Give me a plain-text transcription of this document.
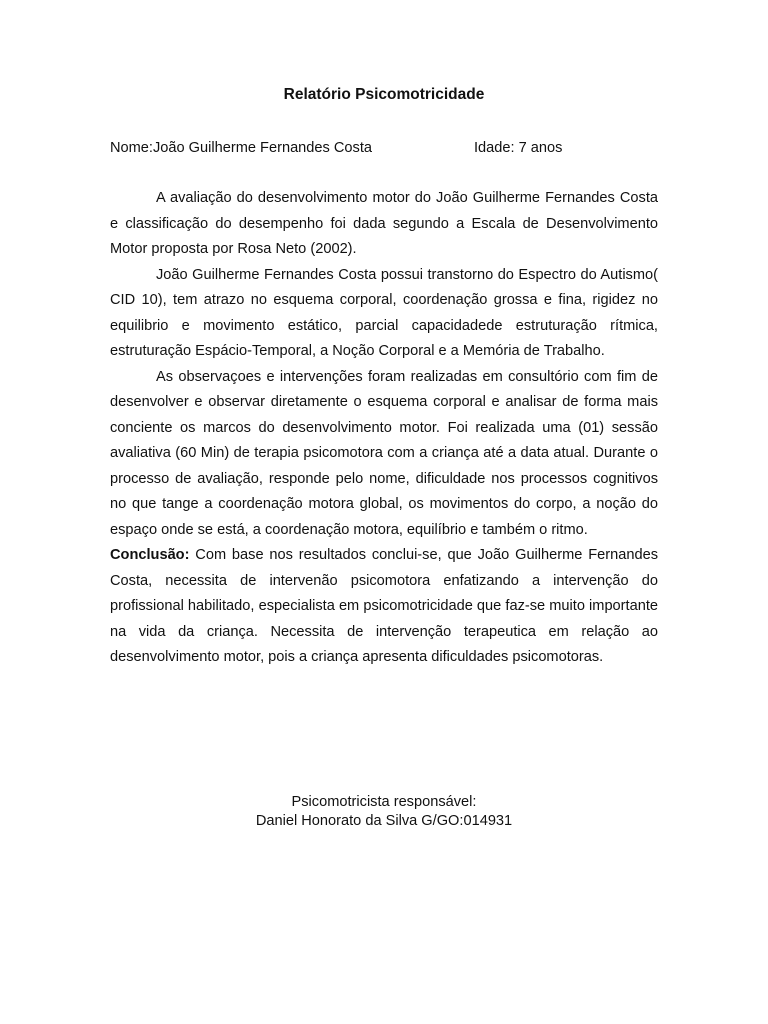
Relatório Psicomotricidade
Nome:João Guilherme Fernandes Costa	Idade: 7 anos

A avaliação do desenvolvimento motor do João Guilherme Fernandes Costa e classificação do desempenho foi dada segundo a Escala de Desenvolvimento Motor proposta por Rosa Neto (2002).

João Guilherme Fernandes Costa possui transtorno do Espectro do Autismo( CID 10), tem atrazo no esquema corporal, coordenação grossa e fina, rigidez no equilibrio e movimento estático, parcial capacidadede estruturação rítmica, estruturação Espácio-Temporal, a Noção Corporal e a Memória de Trabalho.

As observaçoes e intervenções foram realizadas em consultório com fim de desenvolver e observar diretamente o esquema corporal e analisar de forma mais conciente os marcos do desenvolvimento motor. Foi realizada uma (01) sessão avaliativa (60 Min) de terapia psicomotora com a criança até a data atual. Durante o processo de avaliação, responde pelo nome, dificuldade nos processos cognitivos no que tange a coordenação motora global, os movimentos do corpo, a noção do espaço onde se está, a coordenação motora, equilíbrio e também o ritmo.

Conclusão: Com base nos resultados conclui-se, que João Guilherme Fernandes Costa, necessita de intervenão psicomotora enfatizando a intervenção do profissional habilitado, especialista em psicomotricidade que faz-se muito importante na vida da criança. Necessita de intervenção terapeutica em relação ao desenvolvimento motor, pois a criança apresenta dificuldades psicomotoras.

Psicomotricista responsável:
Daniel Honorato da Silva G/GO:014931
